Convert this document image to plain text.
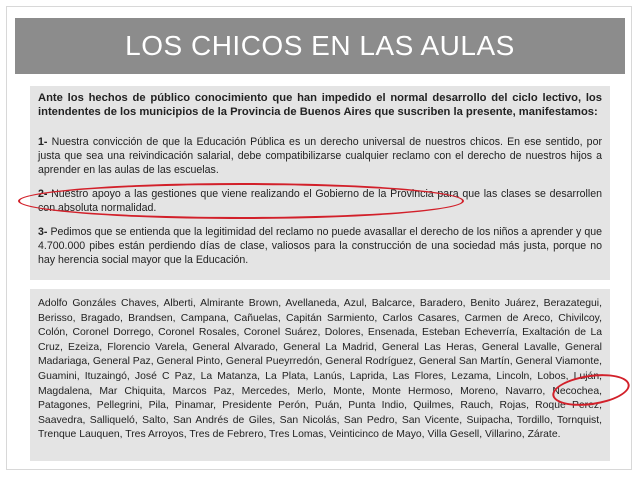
LOS CHICOS EN LAS AULAS

Ante los hechos de público conocimiento que han impedido el normal desarrollo del ciclo lectivo, los intendentes de los municipios de la Provincia de Buenos Aires que suscriben la presente, manifestamos:

1- Nuestra convicción de que la Educación Pública es un derecho universal de nuestros chicos. En ese sentido, por justa que sea una reivindicación salarial, debe compatibilizarse cualquier reclamo con el derecho de nuestros hijos a aprender en las aulas de las escuelas.

2- Nuestro apoyo a las gestiones que viene realizando el Gobierno de la Provincia para que las clases se desarrollen con absoluta normalidad.

3- Pedimos que se entienda que la legitimidad del reclamo no puede avasallar el derecho de los niños a aprender y que 4.700.000 pibes están perdiendo días de clase, valiosos para la construcción de una sociedad más justa, porque no hay herencia social mayor que la Educación.

Adolfo Gonzáles Chaves, Alberti, Almirante Brown, Avellaneda, Azul, Balcarce, Baradero, Benito Juárez, Berazategui, Berisso, Bragado, Brandsen, Campana, Cañuelas, Capitán Sarmiento, Carlos Casares, Carmen de Areco, Chivilcoy, Colón, Coronel Dorrego, Coronel Rosales, Coronel Suárez, Dolores, Ensenada, Esteban Echeverría, Exaltación de La Cruz, Ezeiza, Florencio Varela, General Alvarado, General La Madrid, General Las Heras, General Lavalle, General Madariaga, General Paz, General Pinto, General Pueyrredón, General Rodríguez, General San Martín, General Viamonte, Guamini, Ituzaingó, José C Paz, La Matanza, La Plata, Lanús, Laprida, Las Flores, Lezama, Lincoln, Lobos, Luján, Magdalena, Mar Chiquita, Marcos Paz, Mercedes, Merlo, Monte, Monte Hermoso, Moreno, Navarro, Necochea, Patagones, Pellegrini, Pila, Pinamar, Presidente Perón, Puán, Punta Indio, Quilmes, Rauch, Rojas, Roque Perez, Saavedra, Salliqueló, Salto, San Andrés de Giles, San Nicolás, San Pedro, San Vicente, Suipacha, Tordillo, Tornquist, Trenque Lauquen, Tres Arroyos, Tres de Febrero, Tres Lomas, Veinticinco de Mayo, Villa Gesell, Villarino, Zárate.
